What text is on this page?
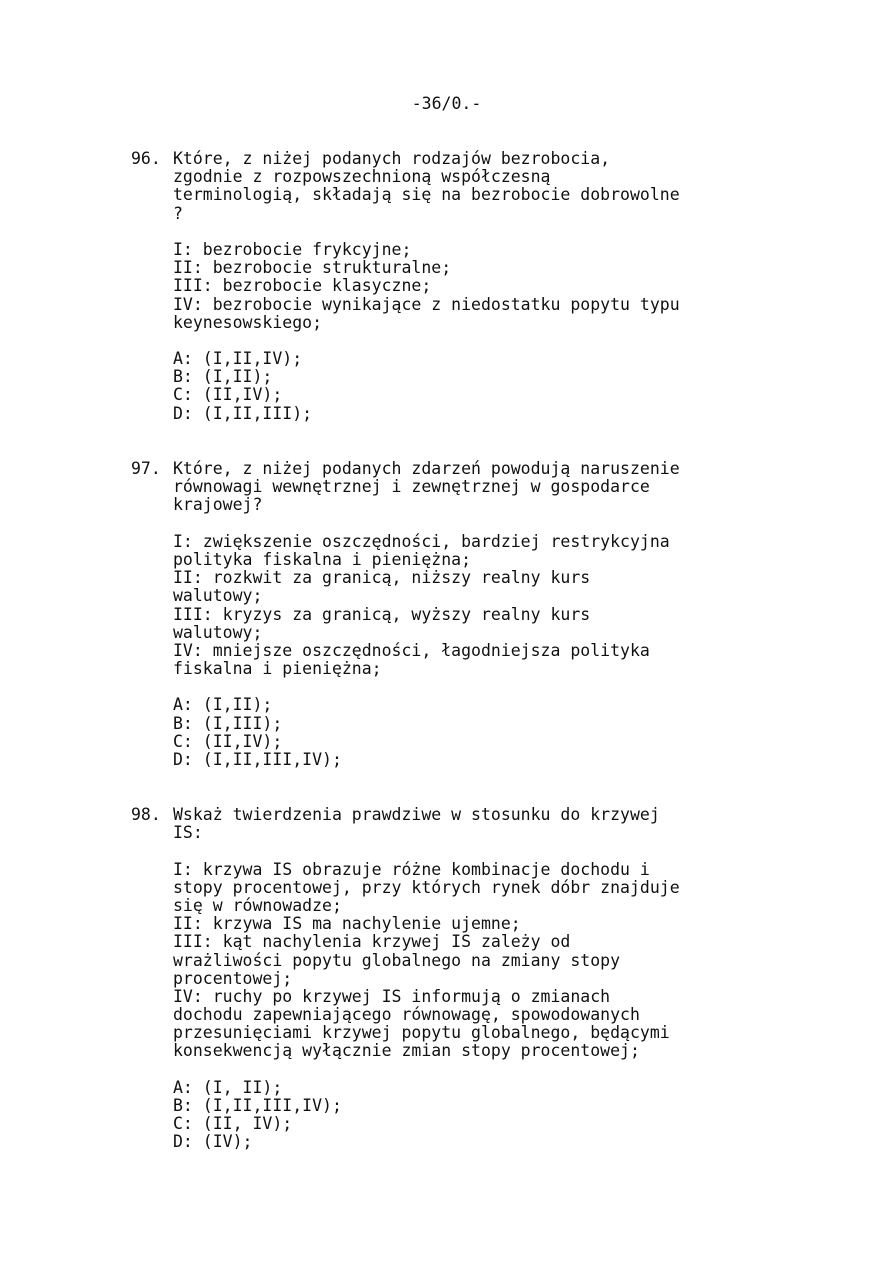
-36/0.-
96. Które, z niżej podanych rodzajów bezrobocia,
zgodnie z rozpowszechnioną współczesną
terminologią, składają się na bezrobocie dobrowolne
?
I: bezrobocie frykcyjne;
II: bezrobocie strukturalne;
III: bezrobocie klasyczne;
IV: bezrobocie wynikające z niedostatku popytu typu
keynesowskiego;
A: (I,II,IV);
B: (I,II);
C: (II,IV);
D: (I,II,III);
97. Które, z niżej podanych zdarzeń powodują naruszenie
równowagi wewnętrznej i zewnętrznej w gospodarce
krajowej?
I: zwiększenie oszczędności, bardziej restrykcyjna
polityka fiskalna i pieniężna;
II: rozkwit za granicą, niższy realny kurs
walutowy;
III: kryzys za granicą, wyższy realny kurs
walutowy;
IV: mniejsze oszczędności, łagodniejsza polityka
fiskalna i pieniężna;
A: (I,II);
B: (I,III);
C: (II,IV);
D: (I,II,III,IV);
98. Wskaż twierdzenia prawdziwe w stosunku do krzywej
IS:
I: krzywa IS obrazuje różne kombinacje dochodu i
stopy procentowej, przy których rynek dóbr znajduje
się w równowadze;
II: krzywa IS ma nachylenie ujemne;
III: kąt nachylenia krzywej IS zależy od
wrażliwości popytu globalnego na zmiany stopy
procentowej;
IV: ruchy po krzywej IS informują o zmianach
dochodu zapewniającego równowagę, spowodowanych
przesunięciami krzywej popytu globalnego, będącymi
konsekwencją wyłącznie zmian stopy procentowej;
A: (I, II);
B: (I,II,III,IV);
C: (II, IV);
D: (IV);
